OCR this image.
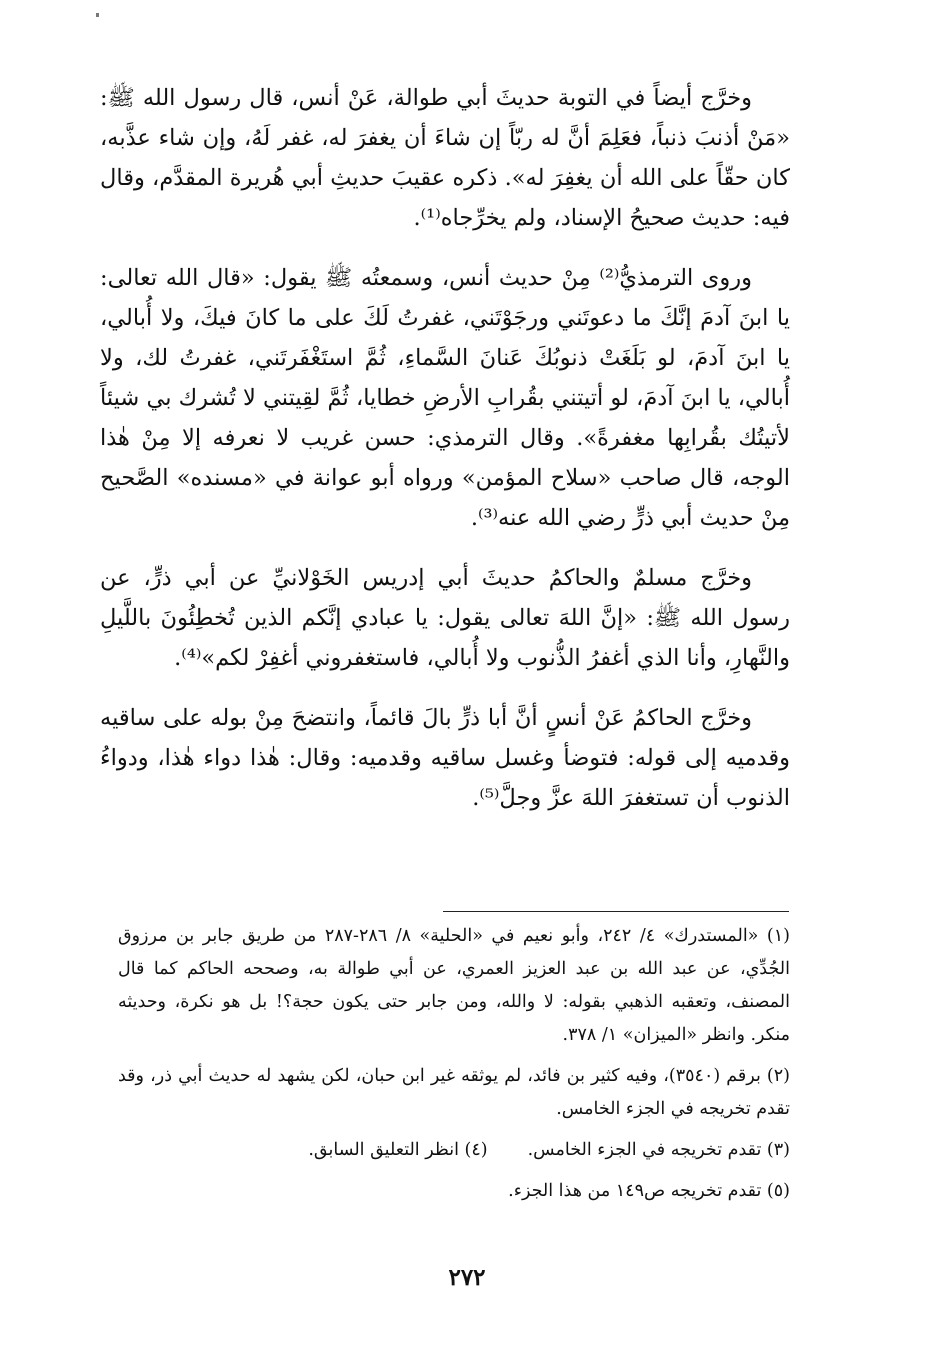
وخرَّج أيضاً في التوبة حديثَ أبي طوالة، عَنْ أنس، قال رسول الله ﷺ: «مَنْ أذنبَ ذنباً، فعَلِمَ أنَّ له ربّاً إن شاءَ أن يغفرَ له، غفر لَهُ، وإن شاء عذَّبه، كان حقّاً على الله أن يغفِرَ له». ذكره عقيبَ حديثِ أبي هُريرة المقدَّم، وقال فيه: حديث صحيحُ الإسناد، ولم يخرِّجاه⁽¹⁾.

وروى الترمذيُّ⁽²⁾ مِنْ حديث أنس، وسمعتُه ﷺ يقول: «قال الله تعالى: يا ابنَ آدمَ إنَّكَ ما دعوتَني ورجَوْتَني، غفرتُ لَكَ على ما كانَ فيكَ، ولا أُبالي، يا ابنَ آدمَ، لو بَلَغَتْ ذنوبُكَ عَنانَ السَّماءِ، ثُمَّ استَغْفَرتَني، غفرتُ لك، ولا أُبالي، يا ابنَ آدمَ، لو أتيتني بقُرابِ الأرضِ خطايا، ثُمَّ لقِيتني لا تُشرك بي شيئاً لأتيتُك بقُرابِها مغفرةً». وقال الترمذي: حسن غريب لا نعرفه إلا مِنْ هٰذا الوجه، قال صاحب «سلاح المؤمن» ورواه أبو عوانة في «مسنده» الصَّحيح مِنْ حديث أبي ذرٍّ رضي الله عنه⁽³⁾.

وخرَّج مسلمٌ والحاكمُ حديثَ أبي إدريس الخَوْلانيِّ عن أبي ذرٍّ، عن رسول الله ﷺ: «إنَّ اللهَ تعالى يقول: يا عبادي إنَّكم الذين تُخطِئُونَ باللَّيلِ والنَّهارِ، وأنا الذي أغفرُ الذُّنوب ولا أُبالي، فاستغفروني أغفِرْ لكم»⁽⁴⁾.

وخرَّج الحاكمُ عَنْ أنسٍ أنَّ أبا ذرٍّ بالَ قائماً، وانتضحَ مِنْ بوله على ساقيه وقدميه إلى قوله: فتوضأ وغسل ساقيه وقدميه: وقال: هٰذا دواء هٰذا، ودواءُ الذنوب أن تستغفرَ اللهَ عزَّ وجلَّ⁽⁵⁾.

(١) «المستدرك» ٤/ ٢٤٢، وأبو نعيم في «الحلية» ٨/ ٢٨٦-٢٨٧ من طريق جابر بن مرزوق الجُدِّي، عن عبد الله بن عبد العزيز العمري، عن أبي طوالة به، وصححه الحاكم كما قال المصنف، وتعقبه الذهبي بقوله: لا والله، ومن جابر حتى يكون حجة؟! بل هو نكرة، وحديثه منكر. وانظر «الميزان» ١/ ٣٧٨.

(٢) برقم (٣٥٤٠)، وفيه كثير بن فائد، لم يوثقه غير ابن حبان، لكن يشهد له حديث أبي ذر، وقد تقدم تخريجه في الجزء الخامس.

(٣) تقدم تخريجه في الجزء الخامس.
(٤) انظر التعليق السابق.

(٥) تقدم تخريجه ص١٤٩ من هذا الجزء.

٢٧٢
